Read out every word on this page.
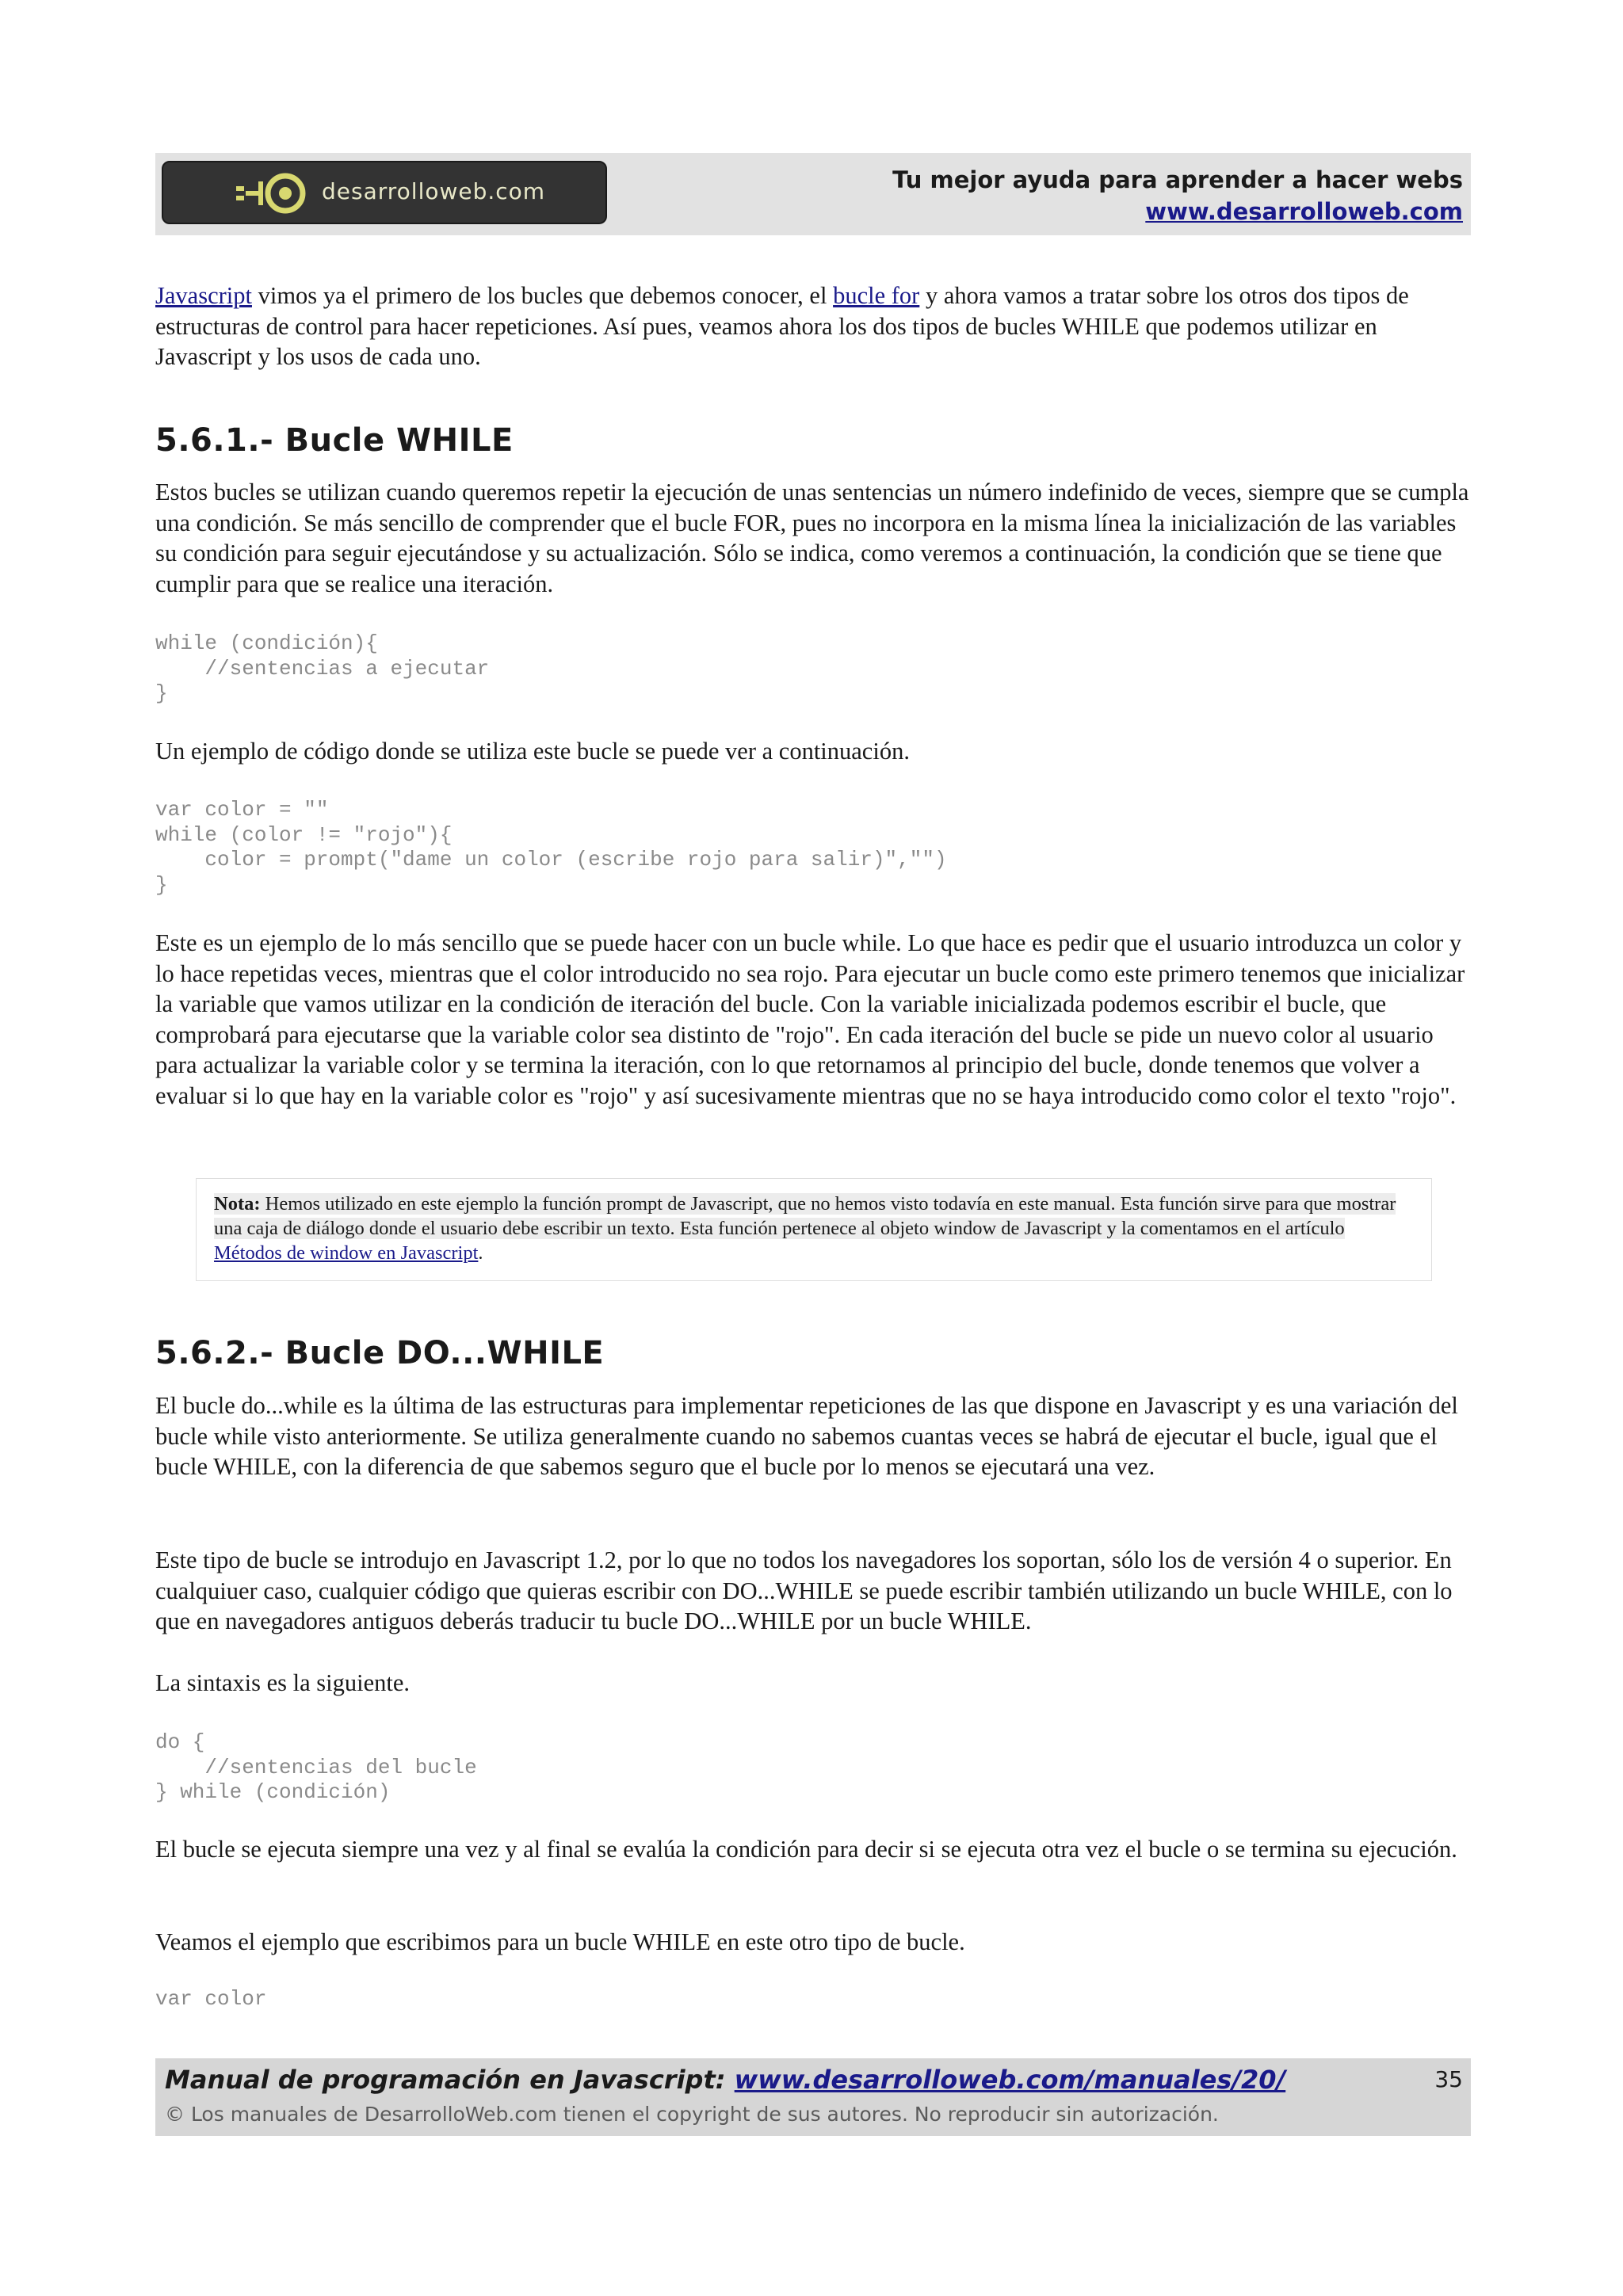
desarrolloweb.com	Tu mejor ayuda para aprender a hacer webs
www.desarrolloweb.com

Javascript vimos ya el primero de los bucles que debemos conocer, el bucle for y ahora vamos a tratar sobre los otros dos tipos de estructuras de control para hacer repeticiones. Así pues, veamos ahora los dos tipos de bucles WHILE que podemos utilizar en Javascript y los usos de cada uno.

5.6.1.- Bucle WHILE

Estos bucles se utilizan cuando queremos repetir la ejecución de unas sentencias un número indefinido de veces, siempre que se cumpla una condición. Se más sencillo de comprender que el bucle FOR, pues no incorpora en la misma línea la inicialización de las variables su condición para seguir ejecutándose y su actualización. Sólo se indica, como veremos a continuación, la condición que se tiene que cumplir para que se realice una iteración.

while (condición){
//sentencias a ejecutar
}

Un ejemplo de código donde se utiliza este bucle se puede ver a continuación.

var color = ""
while (color != "rojo"){
color = prompt("dame un color (escribe rojo para salir)","")
}

Este es un ejemplo de lo más sencillo que se puede hacer con un bucle while. Lo que hace es pedir que el usuario introduzca un color y lo hace repetidas veces, mientras que el color introducido no sea rojo. Para ejecutar un bucle como este primero tenemos que inicializar la variable que vamos utilizar en la condición de iteración del bucle. Con la variable inicializada podemos escribir el bucle, que comprobará para ejecutarse que la variable color sea distinto de "rojo". En cada iteración del bucle se pide un nuevo color al usuario para actualizar la variable color y se termina la iteración, con lo que retornamos al principio del bucle, donde tenemos que volver a evaluar si lo que hay en la variable color es "rojo" y así sucesivamente mientras que no se haya introducido como color el texto "rojo".

Nota: Hemos utilizado en este ejemplo la función prompt de Javascript, que no hemos visto todavía en este manual. Esta función sirve para que mostrar una caja de diálogo donde el usuario debe escribir un texto. Esta función pertenece al objeto window de Javascript y la comentamos en el artículo Métodos de window en Javascript.
5.6.2.- Bucle DO...WHILE

El bucle do...while es la última de las estructuras para implementar repeticiones de las que dispone en Javascript y es una variación del bucle while visto anteriormente. Se utiliza generalmente cuando no sabemos cuantas veces se habrá de ejecutar el bucle, igual que el bucle WHILE, con la diferencia de que sabemos seguro que el bucle por lo menos se ejecutará una vez.

Este tipo de bucle se introdujo en Javascript 1.2, por lo que no todos los navegadores los soportan, sólo los de versión 4 o superior. En cualquiuer caso, cualquier código que quieras escribir con DO...WHILE se puede escribir también utilizando un bucle WHILE, con lo que en navegadores antiguos deberás traducir tu bucle DO...WHILE por un bucle WHILE.

La sintaxis es la siguiente.

do {
//sentencias del bucle
} while (condición)

El bucle se ejecuta siempre una vez y al final se evalúa la condición para decir si se ejecuta otra vez el bucle o se termina su ejecución.

Veamos el ejemplo que escribimos para un bucle WHILE en este otro tipo de bucle.

var color
Manual de programación en Javascript: www.desarrolloweb.com/manuales/20/
© Los manuales de DesarrolloWeb.com tienen el copyright de sus autores. No reproducir sin autorización.
35
